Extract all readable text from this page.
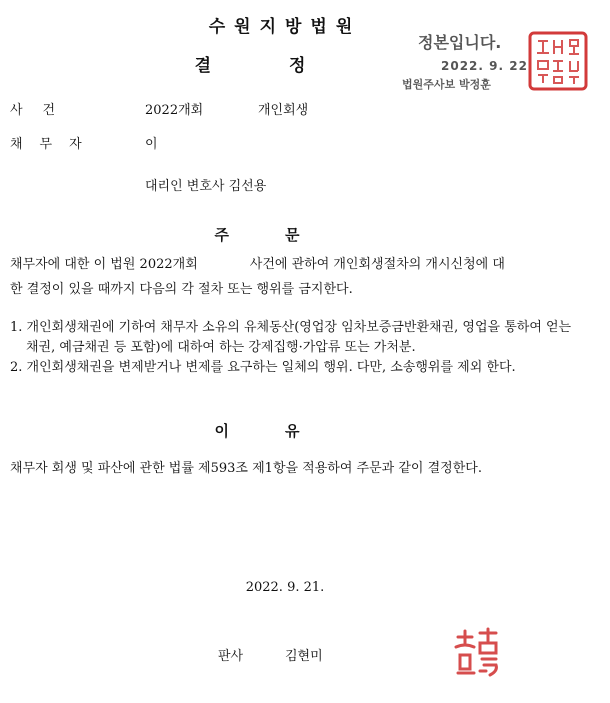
수원지방법원
결정
정본입니다.
2022. 9. 22.
법원주사보 박정훈
사건	2022개회	개인회생
채무자	이
대리인 변호사 김선용
주문
채무자에 대한 이 법원 2022개회	사건에 관하여 개인회생절차의 개시신청에 대
한 결정이 있을 때까지 다음의 각 절차 또는 행위를 금지한다.
1. 개인회생채권에 기하여 채무자 소유의 유체동산(영업장 임차보증금반환채권, 영업을 통하여 얻는 채권, 예금채권 등 포함)에 대하여 하는 강제집행·가압류 또는 가처분.
2. 개인회생채권을 변제받거나 변제를 요구하는 일체의 행위. 다만, 소송행위를 제외 한다.
이유
채무자 회생 및 파산에 관한 법률 제593조 제1항을 적용하여 주문과 같이 결정한다.
2022. 9. 21.
판사	김현미
